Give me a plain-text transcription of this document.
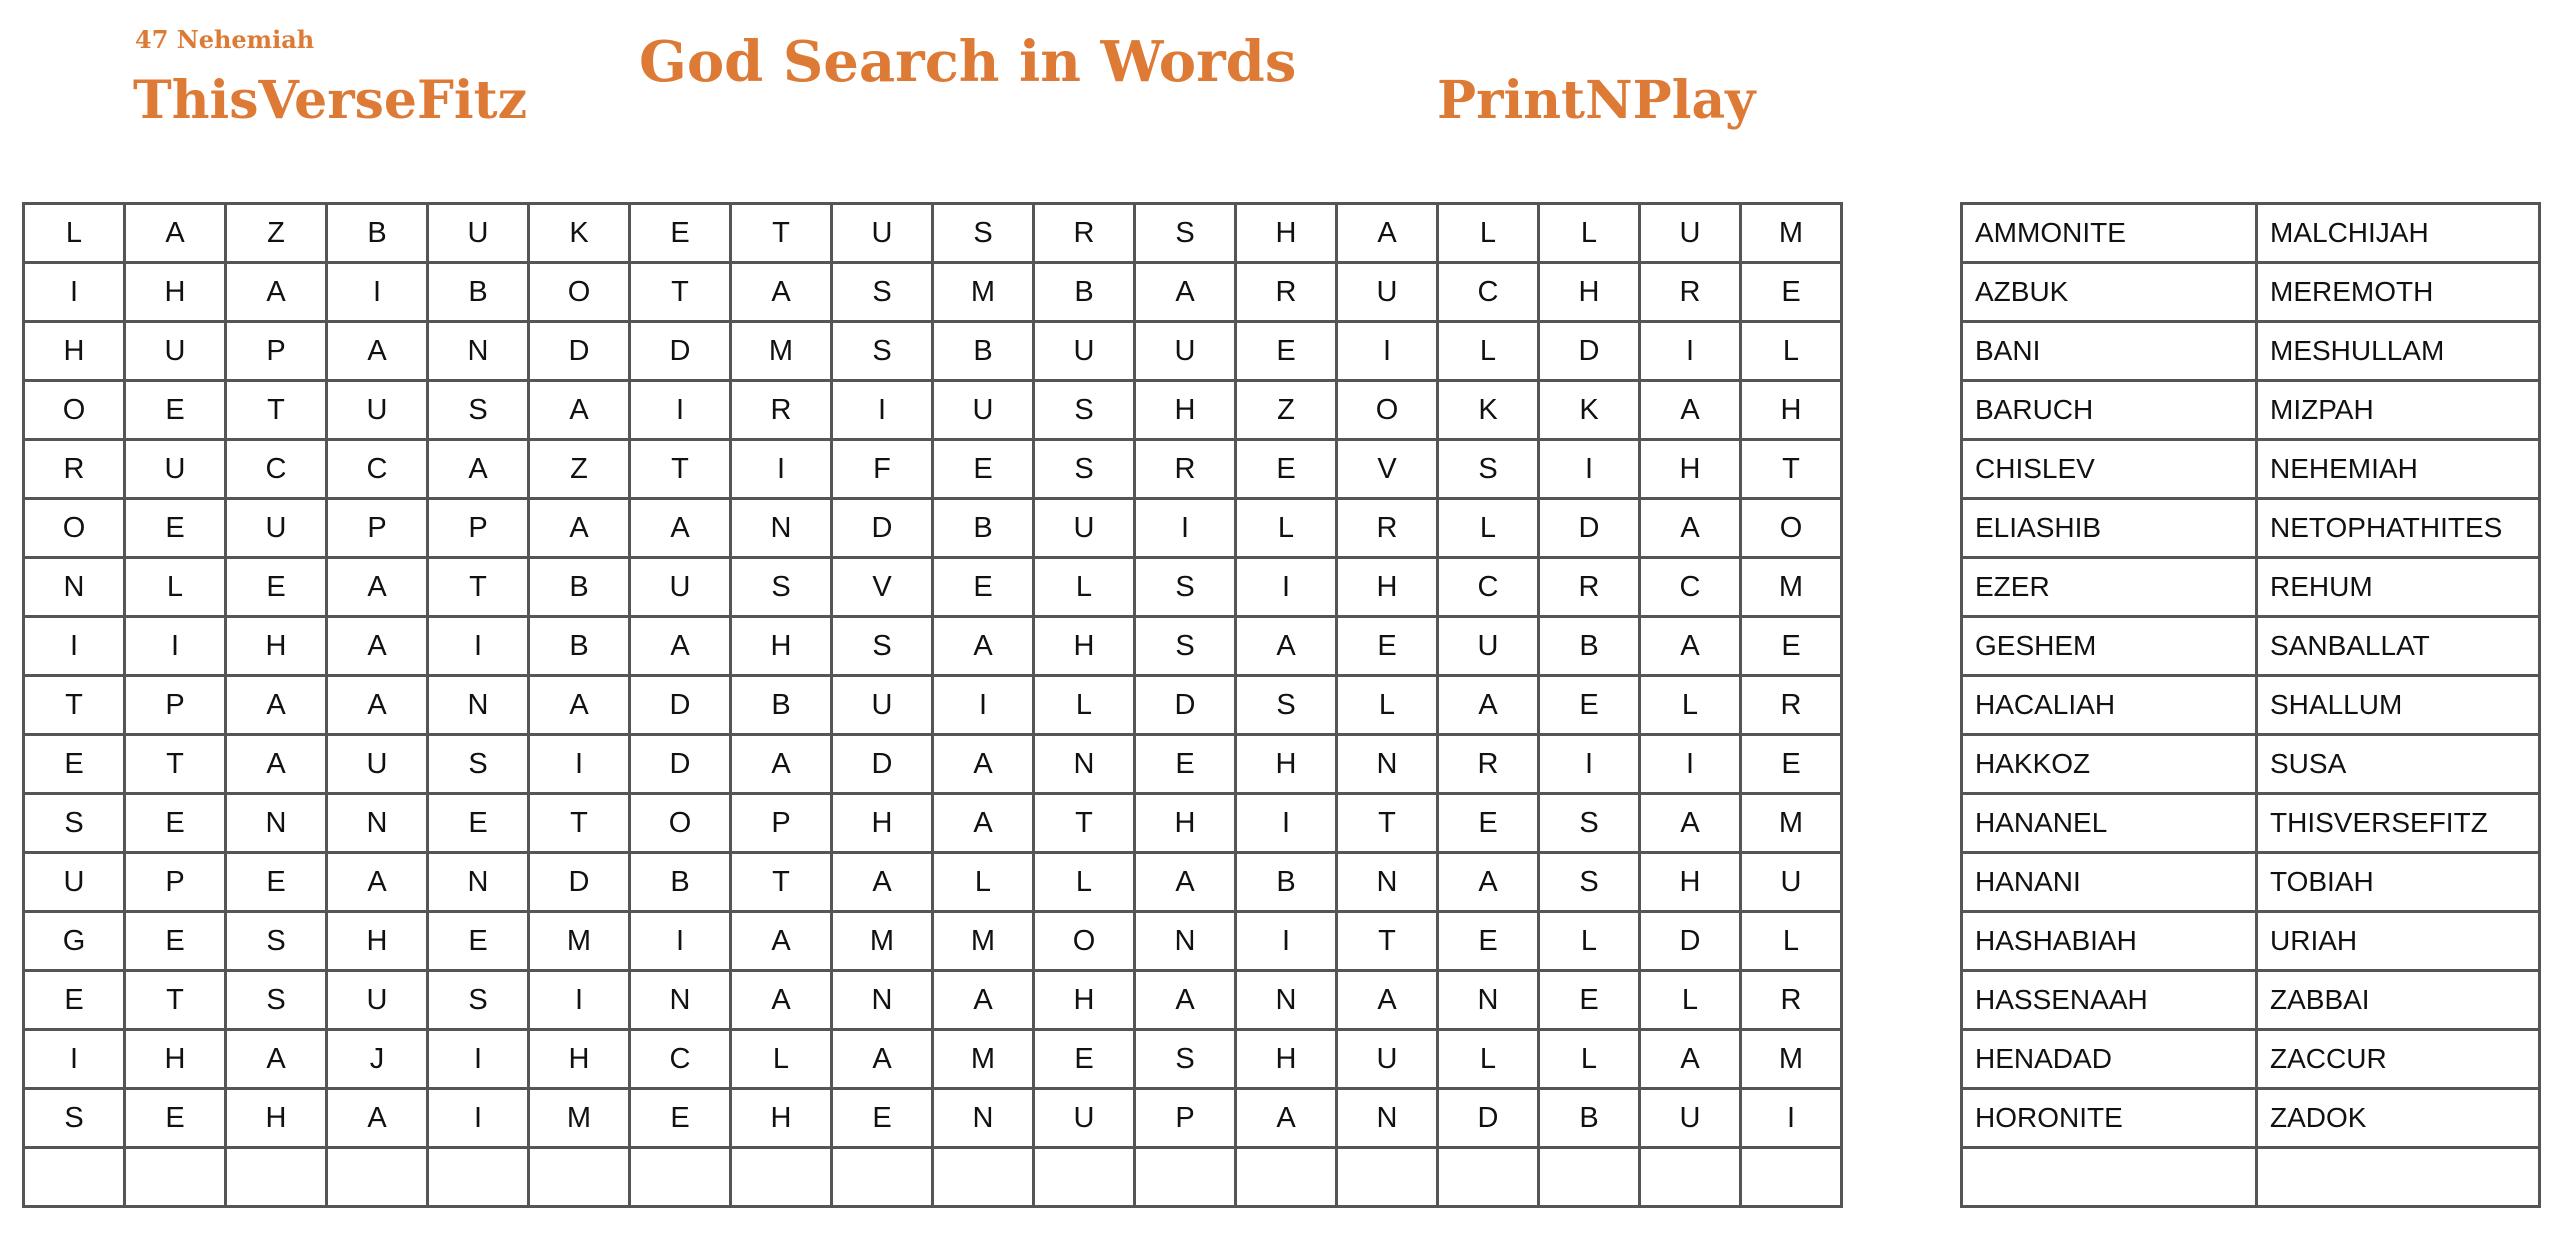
47 Nehemiah
ThisVerseFitz
God Search in Words
PrintNPlay
L	A	Z	B	U	K	E	T	U	S	R	S	H	A	L	L	U	M
I	H	A	I	B	O	T	A	S	M	B	A	R	U	C	H	R	E
H	U	P	A	N	D	D	M	S	B	U	U	E	I	L	D	I	L
O	E	T	U	S	A	I	R	I	U	S	H	Z	O	K	K	A	H
R	U	C	C	A	Z	T	I	F	E	S	R	E	V	S	I	H	T
O	E	U	P	P	A	A	N	D	B	U	I	L	R	L	D	A	O
N	L	E	A	T	B	U	S	V	E	L	S	I	H	C	R	C	M
I	I	H	A	I	B	A	H	S	A	H	S	A	E	U	B	A	E
T	P	A	A	N	A	D	B	U	I	L	D	S	L	A	E	L	R
E	T	A	U	S	I	D	A	D	A	N	E	H	N	R	I	I	E
S	E	N	N	E	T	O	P	H	A	T	H	I	T	E	S	A	M
U	P	E	A	N	D	B	T	A	L	L	A	B	N	A	S	H	U
G	E	S	H	E	M	I	A	M	M	O	N	I	T	E	L	D	L
E	T	S	U	S	I	N	A	N	A	H	A	N	A	N	E	L	R
I	H	A	J	I	H	C	L	A	M	E	S	H	U	L	L	A	M
S	E	H	A	I	M	E	H	E	N	U	P	A	N	D	B	U	I

AMMONITE	MALCHIJAH
AZBUK	MEREMOTH
BANI	MESHULLAM
BARUCH	MIZPAH
CHISLEV	NEHEMIAH
ELIASHIB	NETOPHATHITES
EZER	REHUM
GESHEM	SANBALLAT
HACALIAH	SHALLUM
HAKKOZ	SUSA
HANANEL	THISVERSEFITZ
HANANI	TOBIAH
HASHABIAH	URIAH
HASSENAAH	ZABBAI
HENADAD	ZACCUR
HORONITE	ZADOK
